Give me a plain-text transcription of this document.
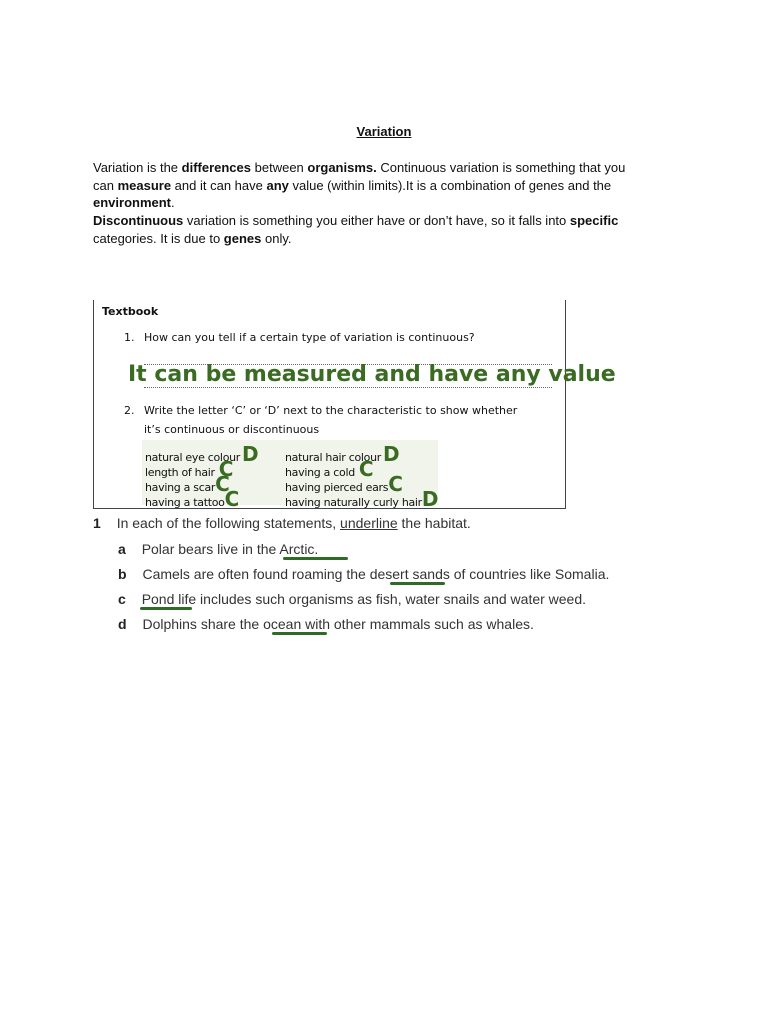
Variation
Variation is the differences between organisms. Continuous variation is something that you
can measure and it can have any value (within limits).It is a combination of genes and the
environment.
Discontinuous variation is something you either have or don’t have, so it falls into specific
categories. It is due to genes only.
Textbook
1. How can you tell if a certain type of variation is continuous?
It can be measured and have any value
2. Write the letter ‘C’ or ‘D’ next to the characteristic to show whether
it’s continuous or discontinuous
natural eye colour D
length of hair C
having a scarC
having a tattooC
natural hair colour D
having a cold C
having pierced earsC
having naturally curly hairD
1 In each of the following statements, underline the habitat.
a Polar bears live in the Arctic.
b Camels are often found roaming the desert sands of countries like Somalia.
c Pond life includes such organisms as fish, water snails and water weed.
d Dolphins share the ocean with other mammals such as whales.
